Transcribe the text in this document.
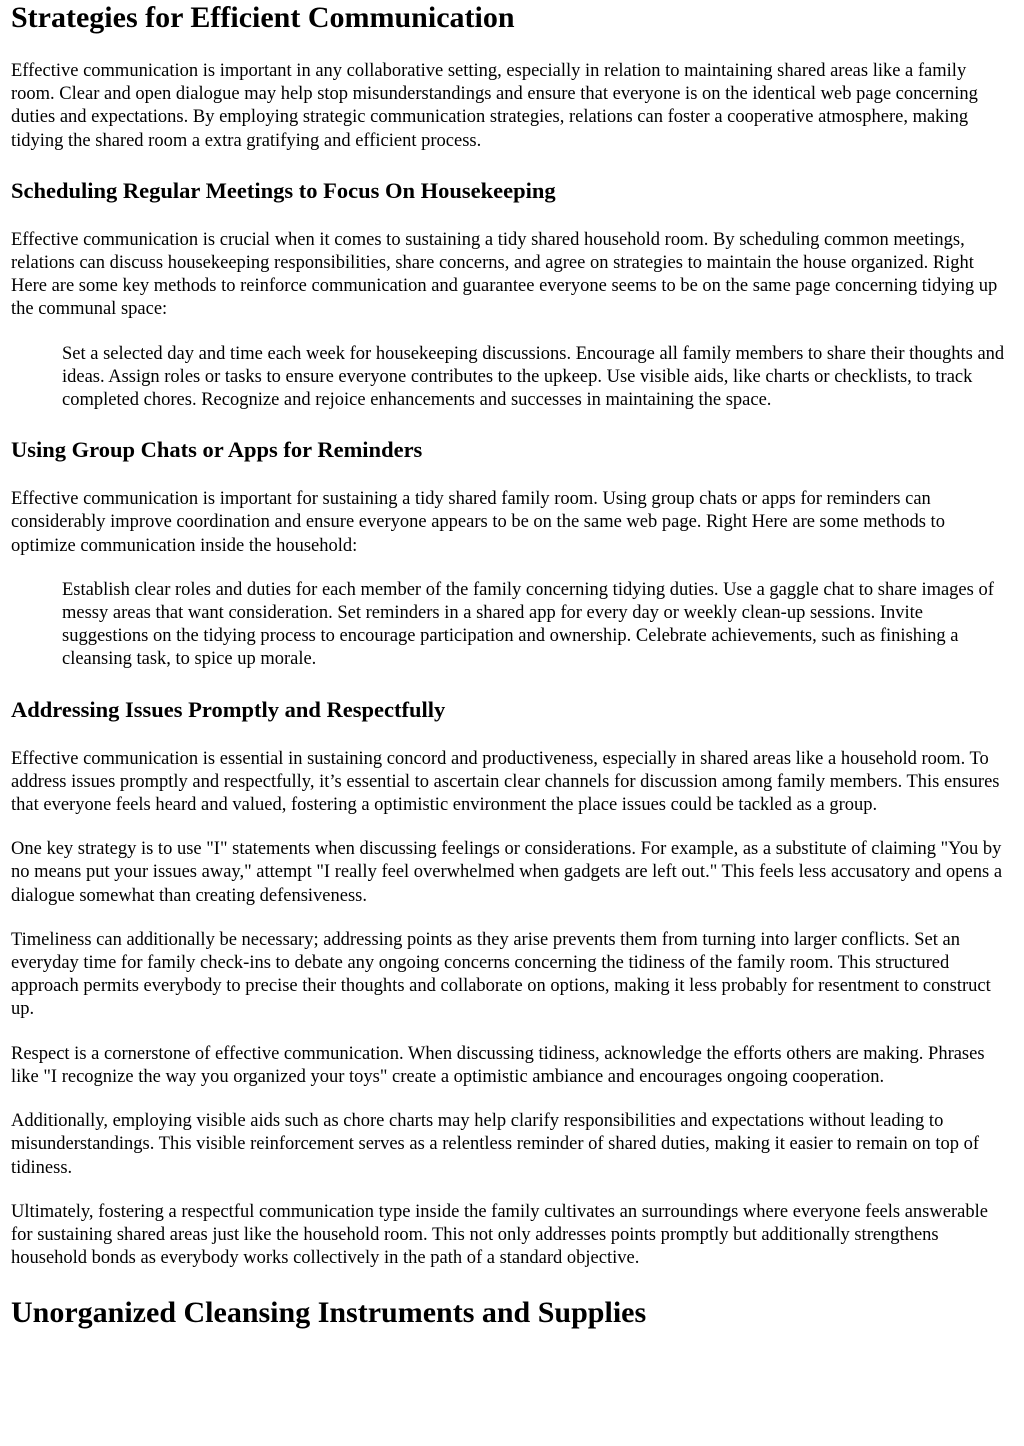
Strategies for Efficient Communication

Effective communication is important in any collaborative setting, especially in relation to maintaining shared areas like a family room. Clear and open dialogue may help stop misunderstandings and ensure that everyone is on the identical web page concerning duties and expectations. By employing strategic communication strategies, relations can foster a cooperative atmosphere, making tidying the shared room a extra gratifying and efficient process.

Scheduling Regular Meetings to Focus On Housekeeping

Effective communication is crucial when it comes to sustaining a tidy shared household room. By scheduling common meetings, relations can discuss housekeeping responsibilities, share concerns, and agree on strategies to maintain the house organized. Right Here are some key methods to reinforce communication and guarantee everyone seems to be on the same page concerning tidying up the communal space:

Set a selected day and time each week for housekeeping discussions. Encourage all family members to share their thoughts and ideas. Assign roles or tasks to ensure everyone contributes to the upkeep. Use visible aids, like charts or checklists, to track completed chores. Recognize and rejoice enhancements and successes in maintaining the space.
Using Group Chats or Apps for Reminders

Effective communication is important for sustaining a tidy shared family room. Using group chats or apps for reminders can considerably improve coordination and ensure everyone appears to be on the same web page. Right Here are some methods to optimize communication inside the household:

Establish clear roles and duties for each member of the family concerning tidying duties. Use a gaggle chat to share images of messy areas that want consideration. Set reminders in a shared app for every day or weekly clean-up sessions. Invite suggestions on the tidying process to encourage participation and ownership. Celebrate achievements, such as finishing a cleansing task, to spice up morale.
Addressing Issues Promptly and Respectfully

Effective communication is essential in sustaining concord and productiveness, especially in shared areas like a household room. To address issues promptly and respectfully, it’s essential to ascertain clear channels for discussion among family members. This ensures that everyone feels heard and valued, fostering a optimistic environment the place issues could be tackled as a group.

One key strategy is to use "I" statements when discussing feelings or considerations. For example, as a substitute of claiming "You by no means put your issues away," attempt "I really feel overwhelmed when gadgets are left out." This feels less accusatory and opens a dialogue somewhat than creating defensiveness.

Timeliness can additionally be necessary; addressing points as they arise prevents them from turning into larger conflicts. Set an everyday time for family check-ins to debate any ongoing concerns concerning the tidiness of the family room. This structured approach permits everybody to precise their thoughts and collaborate on options, making it less probably for resentment to construct up.

Respect is a cornerstone of effective communication. When discussing tidiness, acknowledge the efforts others are making. Phrases like "I recognize the way you organized your toys" create a optimistic ambiance and encourages ongoing cooperation.

Additionally, employing visible aids such as chore charts may help clarify responsibilities and expectations without leading to misunderstandings. This visible reinforcement serves as a relentless reminder of shared duties, making it easier to remain on top of tidiness.

Ultimately, fostering a respectful communication type inside the family cultivates an surroundings where everyone feels answerable for sustaining shared areas just like the household room. This not only addresses points promptly but additionally strengthens household bonds as everybody works collectively in the path of a standard objective.

Unorganized Cleansing Instruments and Supplies
